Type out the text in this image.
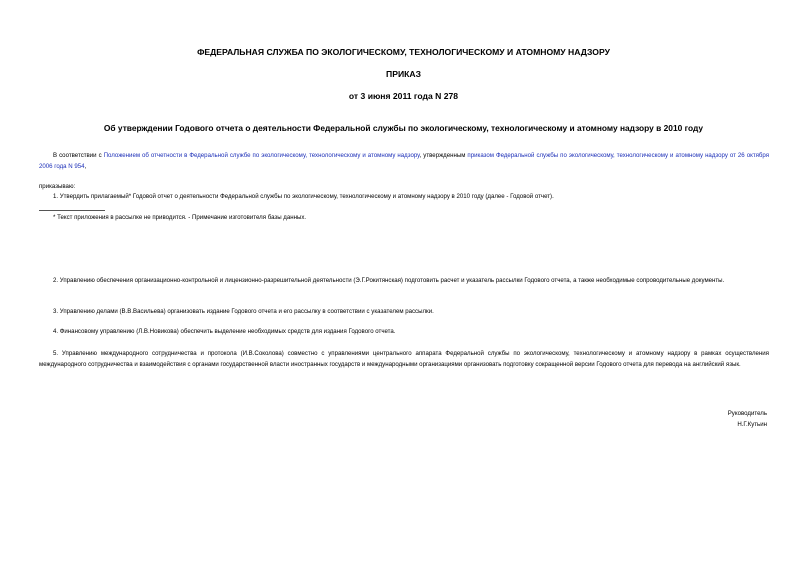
ФЕДЕРАЛЬНАЯ СЛУЖБА ПО ЭКОЛОГИЧЕСКОМУ, ТЕХНОЛОГИЧЕСКОМУ И АТОМНОМУ НАДЗОРУ
ПРИКАЗ
от 3 июня 2011 года N 278
Об утверждении Годового отчета о деятельности Федеральной службы по экологическому, технологическому и атомному надзору в 2010 году
В соответствии с Положением об отчетности в Федеральной службе по экологическому, технологическому и атомному надзору, утвержденным приказом Федеральной службы по экологическому, технологическому и атомному надзору от 26 октября 2006 года N 954,
приказываю:
1. Утвердить прилагаемый* Годовой отчет о деятельности Федеральной службы по экологическому, технологическому и атомному надзору в 2010 году (далее - Годовой отчет).
* Текст приложения в рассылке не приводится. - Примечание изготовителя базы данных.
2. Управлению обеспечения организационно-контрольной и лицензионно-разрешительной деятельности (Э.Г.Рокитянская) подготовить расчет и указатель рассылки Годового отчета, а также необходимые сопроводительные документы.
3. Управлению делами (В.В.Васильева) организовать издание Годового отчета и его рассылку в соответствии с указателем рассылки.
4. Финансовому управлению (Л.В.Новикова) обеспечить выделение необходимых средств для издания Годового отчета.
5. Управлению международного сотрудничества и протокола (И.В.Соколова) совместно с управлениями центрального аппарата Федеральной службы по экологическому, технологическому и атомному надзору в рамках осуществления международного сотрудничества и взаимодействия с органами государственной власти иностранных государств и международными организациями организовать подготовку сокращенной версии Годового отчета для перевода на английский язык.
Руководитель
Н.Г.Кутьин
